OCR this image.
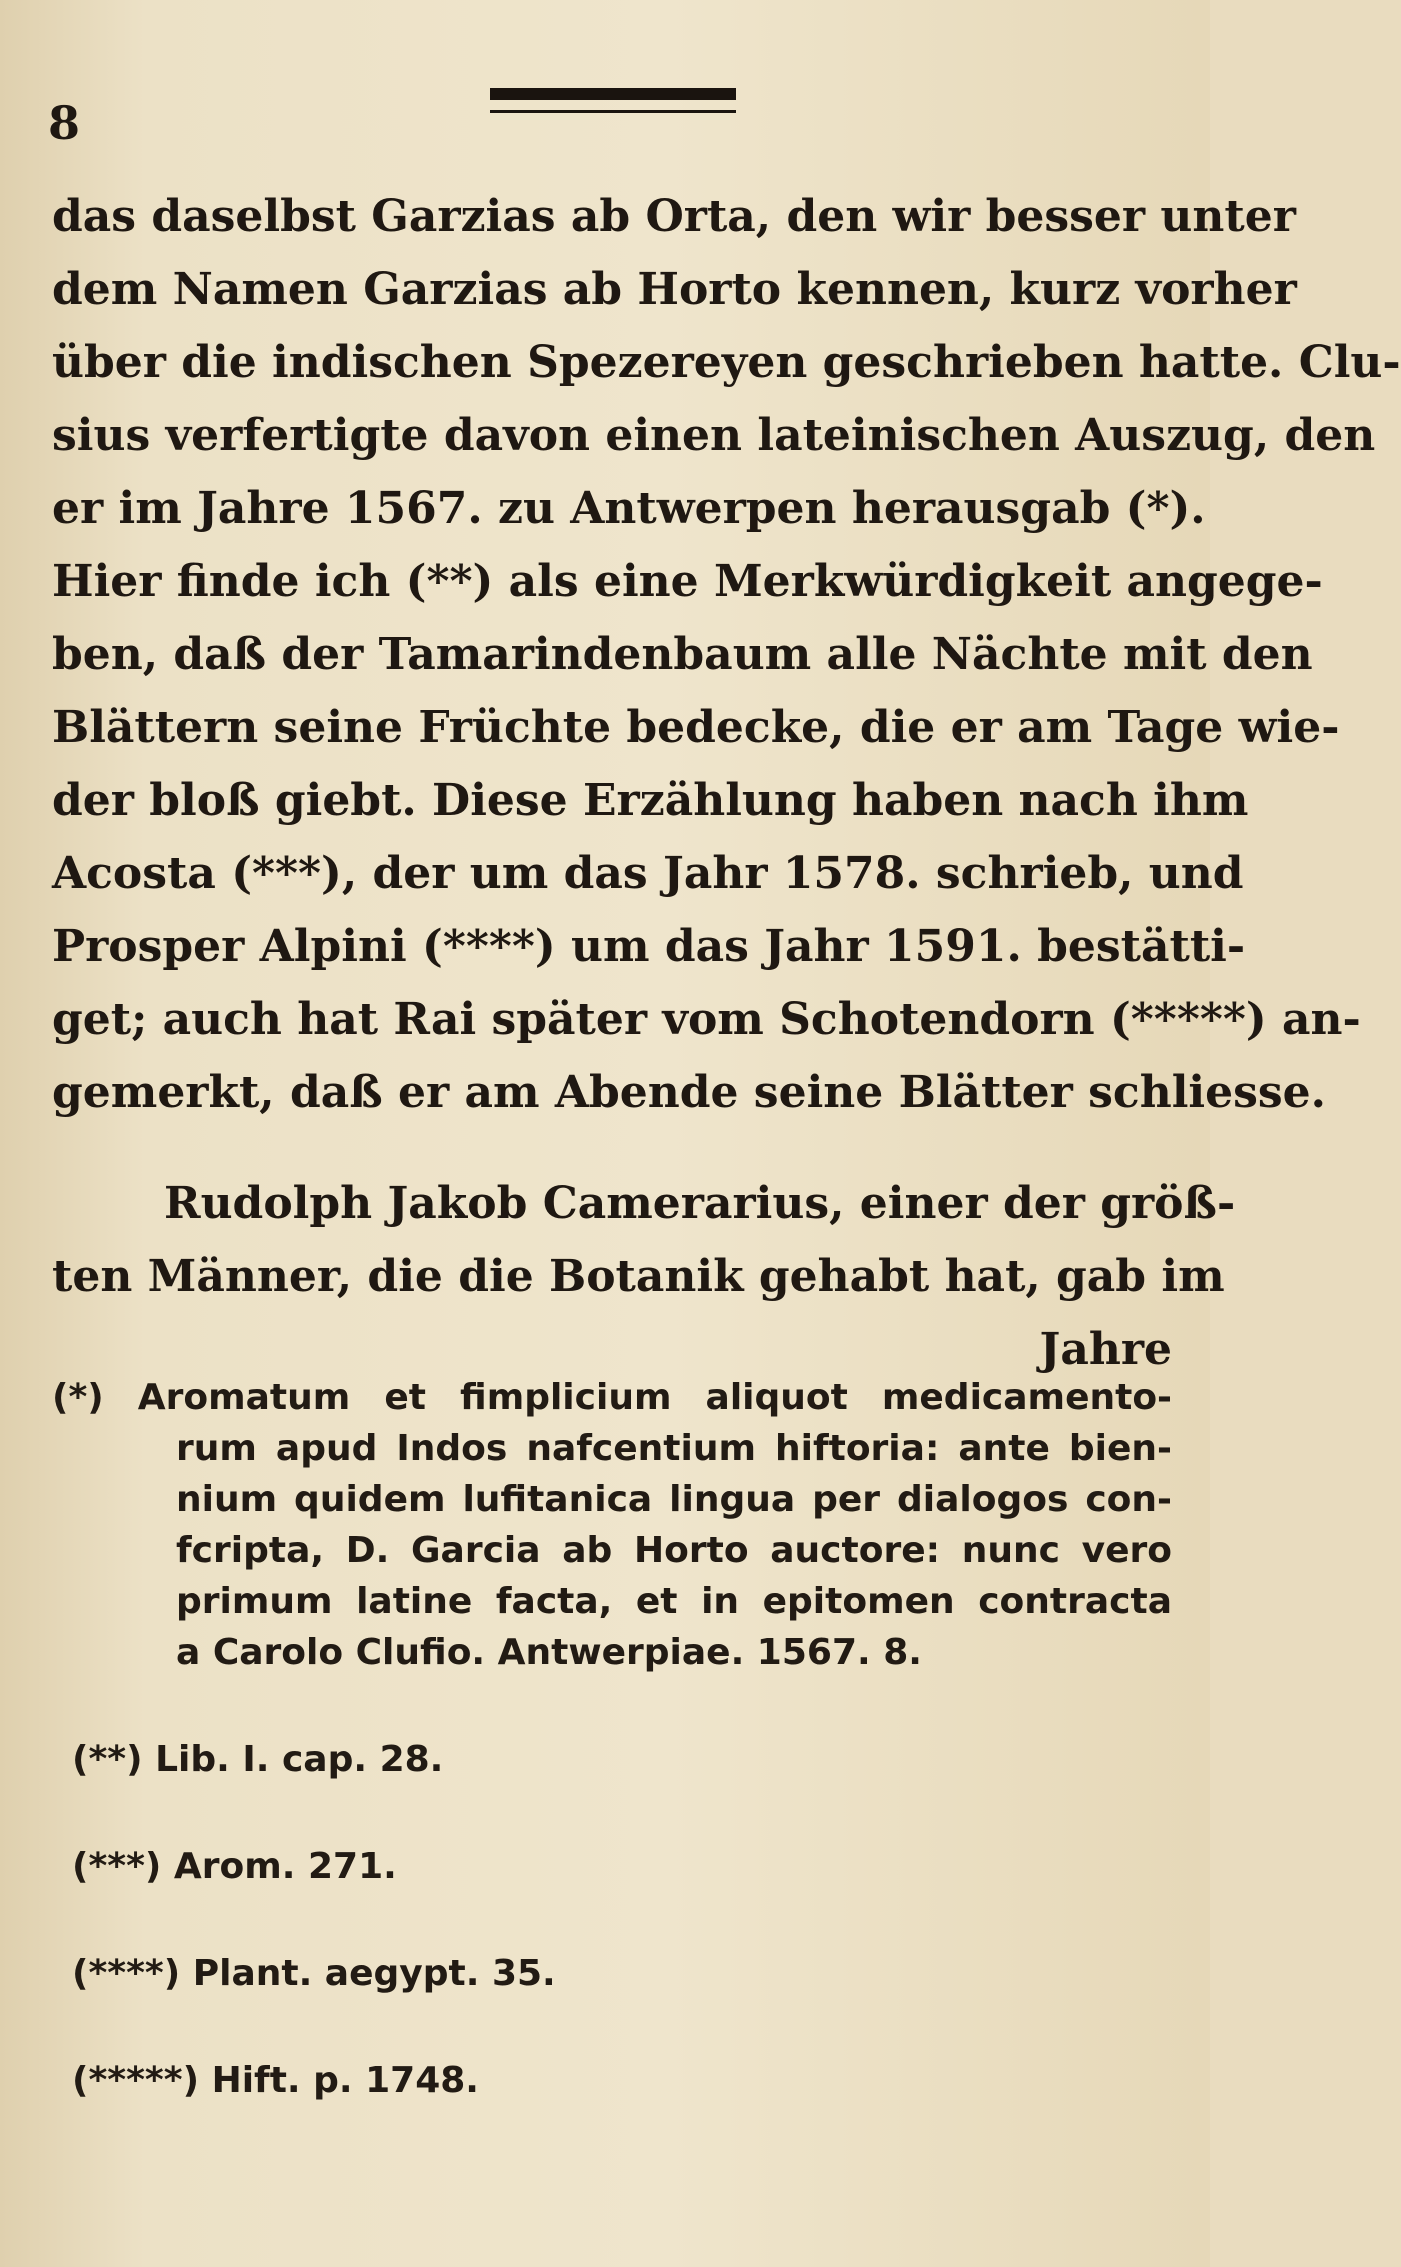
8
das daselbst Garzias ab Orta, den wir besser unter
dem Namen Garzias ab Horto kennen, kurz vorher
über die indischen Spezereyen geschrieben hatte. Clu-
sius verfertigte davon einen lateinischen Auszug, den
er im Jahre 1567. zu Antwerpen herausgab (*).
Hier finde ich (**) als eine Merkwürdigkeit angege-
ben, daß der Tamarindenbaum alle Nächte mit den
Blättern seine Früchte bedecke, die er am Tage wie-
der bloß giebt. Diese Erzählung haben nach ihm
Acosta (***), der um das Jahr 1578. schrieb, und
Prosper Alpini (****) um das Jahr 1591. bestätti-
get; auch hat Rai später vom Schotendorn (*****) an-
gemerkt, daß er am Abende seine Blätter schliesse.
Rudolph Jakob Camerarius, einer der größ-
ten Männer, die die Botanik gehabt hat, gab im
Jahre
(*) Aromatum et fimplicium aliquot medicamento-
rum apud Indos nafcentium hiftoria: ante bien-
nium quidem lufitanica lingua per dialogos con-
fcripta, D. Garcia ab Horto auctore: nunc vero
primum latine facta, et in epitomen contracta
a Carolo Clufio. Antwerpiae. 1567. 8.
(**) Lib. I. cap. 28.
(***) Arom. 271.
(****) Plant. aegypt. 35.
(*****) Hift. p. 1748.
